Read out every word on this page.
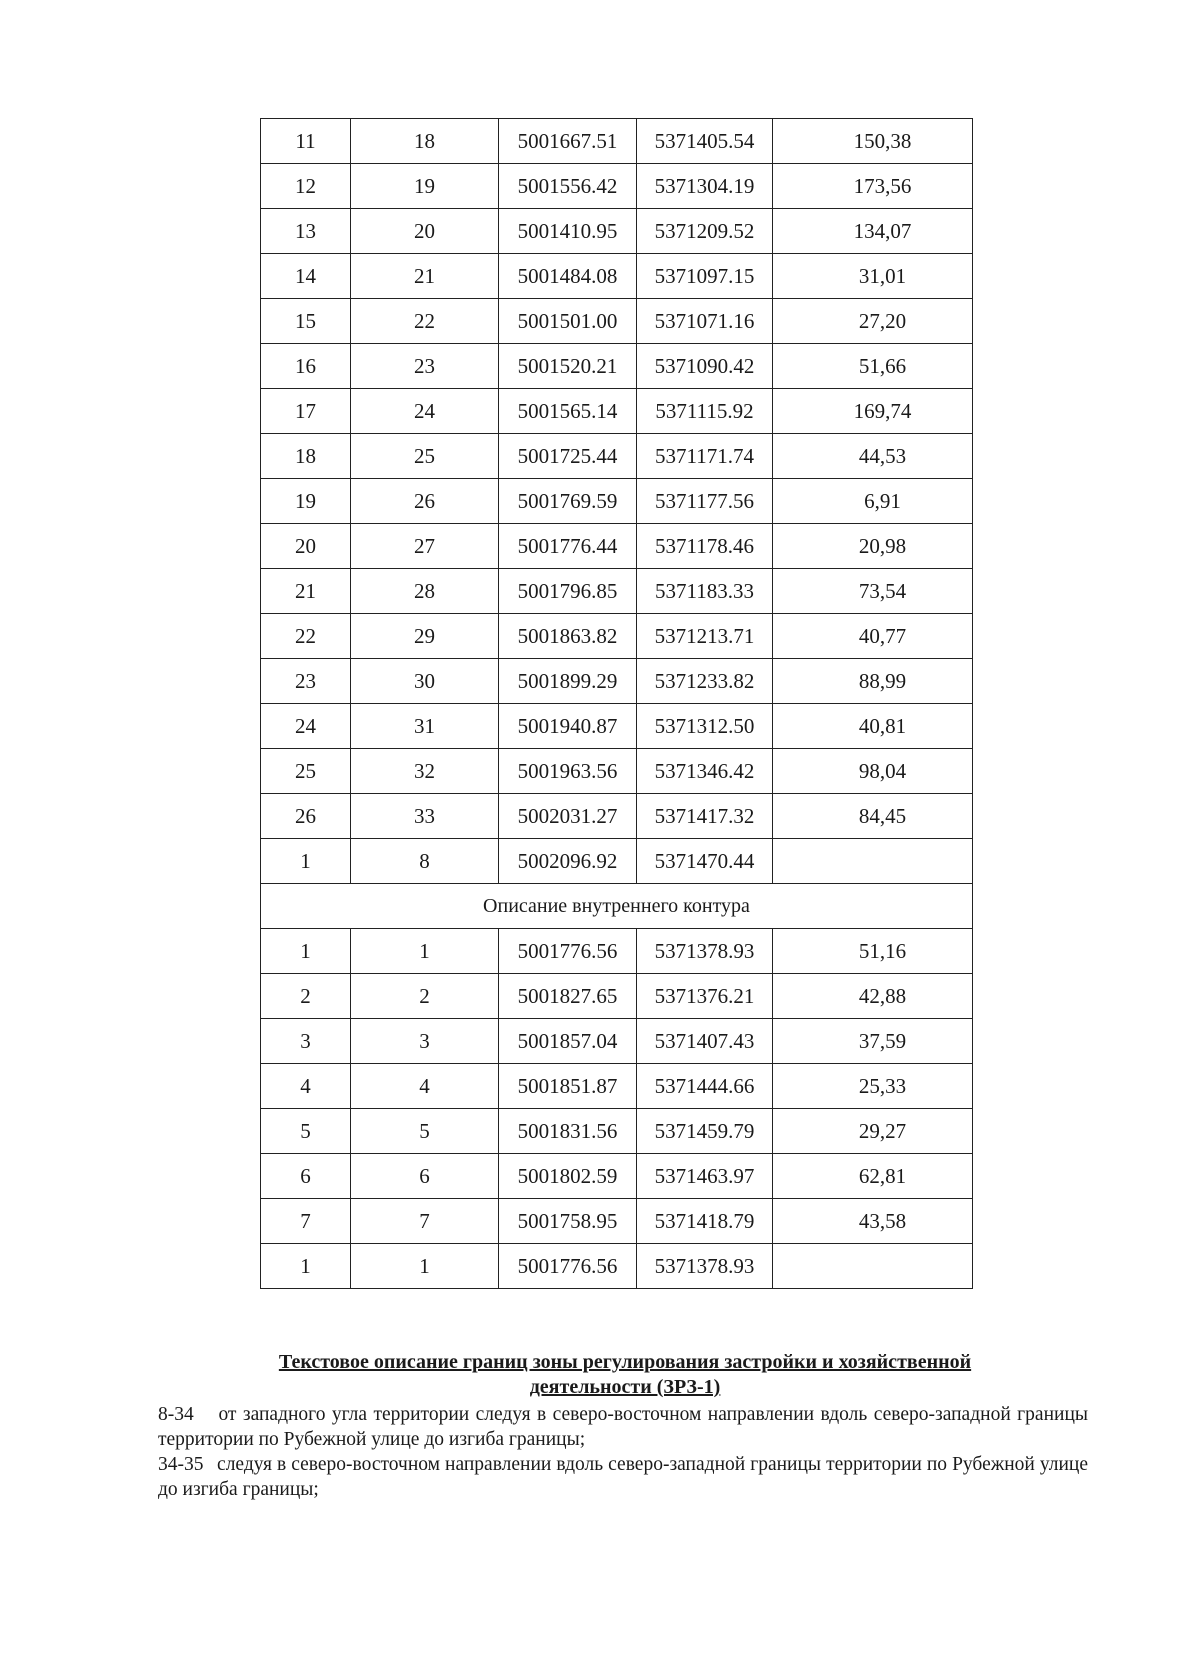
11	18	5001667.51	5371405.54	150,38
12	19	5001556.42	5371304.19	173,56
13	20	5001410.95	5371209.52	134,07
14	21	5001484.08	5371097.15	31,01
15	22	5001501.00	5371071.16	27,20
16	23	5001520.21	5371090.42	51,66
17	24	5001565.14	5371115.92	169,74
18	25	5001725.44	5371171.74	44,53
19	26	5001769.59	5371177.56	6,91
20	27	5001776.44	5371178.46	20,98
21	28	5001796.85	5371183.33	73,54
22	29	5001863.82	5371213.71	40,77
23	30	5001899.29	5371233.82	88,99
24	31	5001940.87	5371312.50	40,81
25	32	5001963.56	5371346.42	98,04
26	33	5002031.27	5371417.32	84,45
1	8	5002096.92	5371470.44	
Описание внутреннего контура				
1	1	5001776.56	5371378.93	51,16
2	2	5001827.65	5371376.21	42,88
3	3	5001857.04	5371407.43	37,59
4	4	5001851.87	5371444.66	25,33
5	5	5001831.56	5371459.79	29,27
6	6	5001802.59	5371463.97	62,81
7	7	5001758.95	5371418.79	43,58
1	1	5001776.56	5371378.93	
Текстовое описание границ зоны регулирования застройки и хозяйственной
деятельности (ЗРЗ-1)
8-34 от западного угла территории следуя в северо-восточном направлении вдоль северо-западной границы территории по Рубежной улице до изгиба границы;
34-35 следуя в северо-восточном направлении вдоль северо-западной границы территории по Рубежной улице до изгиба границы;
